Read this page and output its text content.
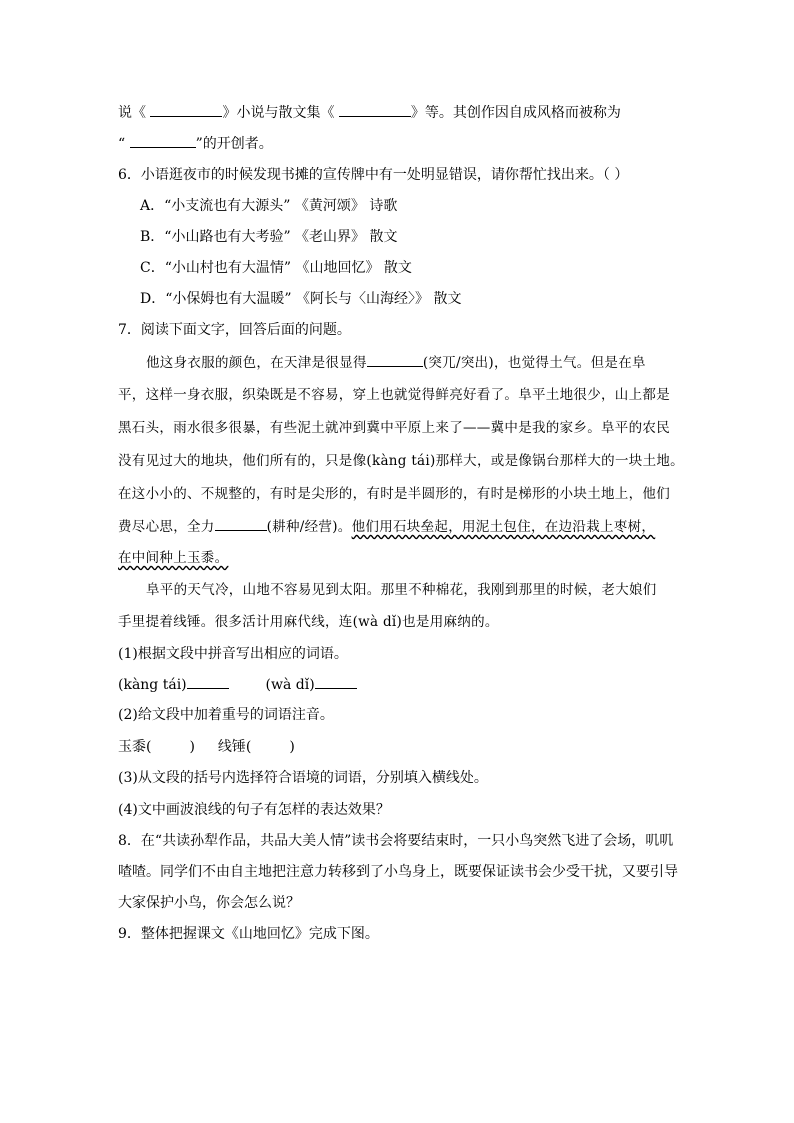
说《	》小说与散文集《	》等。其创作因自成风格而被称为
“	”的开创者。
6．小语逛夜市的时候发现书摊的宣传牌中有一处明显错误，请你帮忙找出来。（ ）
A．“小支流也有大源头” 《黄河颂》 诗歌
B．“小山路也有大考验” 《老山界》 散文
C．“小山村也有大温情” 《山地回忆》 散文
D．“小保姆也有大温暖” 《阿长与〈山海经〉》 散文
7．阅读下面文字，回答后面的问题。
他这身衣服的颜色，在天津是很显得	(突兀/突出)，也觉得土气。但是在阜
平，这样一身衣服，织染既是不容易，穿上也就觉得鲜亮好看了。阜平土地很少，山上都是
黑石头，雨水很多很暴，有些泥土就冲到冀中平原上来了——冀中是我的家乡。阜平的农民
没有见过大的地块，他们所有的，只是像(kàng tái)那样大，或是像锅台那样大的一块土地。
在这小小的、不规整的，有时是尖形的，有时是半圆形的，有时是梯形的小块土地上，他们
费尽心思，全力	(耕种/经营)。他们用石块垒起，用泥土包住，在边沿栽上枣树，
在中间种上玉黍。
阜平的天气冷，山地不容易见到太阳。那里不种棉花，我刚到那里的时候，老大娘们
手里提着线锤。很多活计用麻代线，连(wà dǐ)也是用麻纳的。
(1)根据文段中拼音写出相应的词语。
(kàng tái)	(wà dǐ)
(2)给文段中加着重号的词语注音。
玉黍(	) 线锤(	)
(3)从文段的括号内选择符合语境的词语，分别填入横线处。
(4)文中画波浪线的句子有怎样的表达效果？
8．在“共读孙犁作品，共品大美人情”读书会将要结束时，一只小鸟突然飞进了会场，叽叽
喳喳。同学们不由自主地把注意力转移到了小鸟身上，既要保证读书会少受干扰，又要引导
大家保护小鸟，你会怎么说？
9．整体把握课文《山地回忆》完成下图。
